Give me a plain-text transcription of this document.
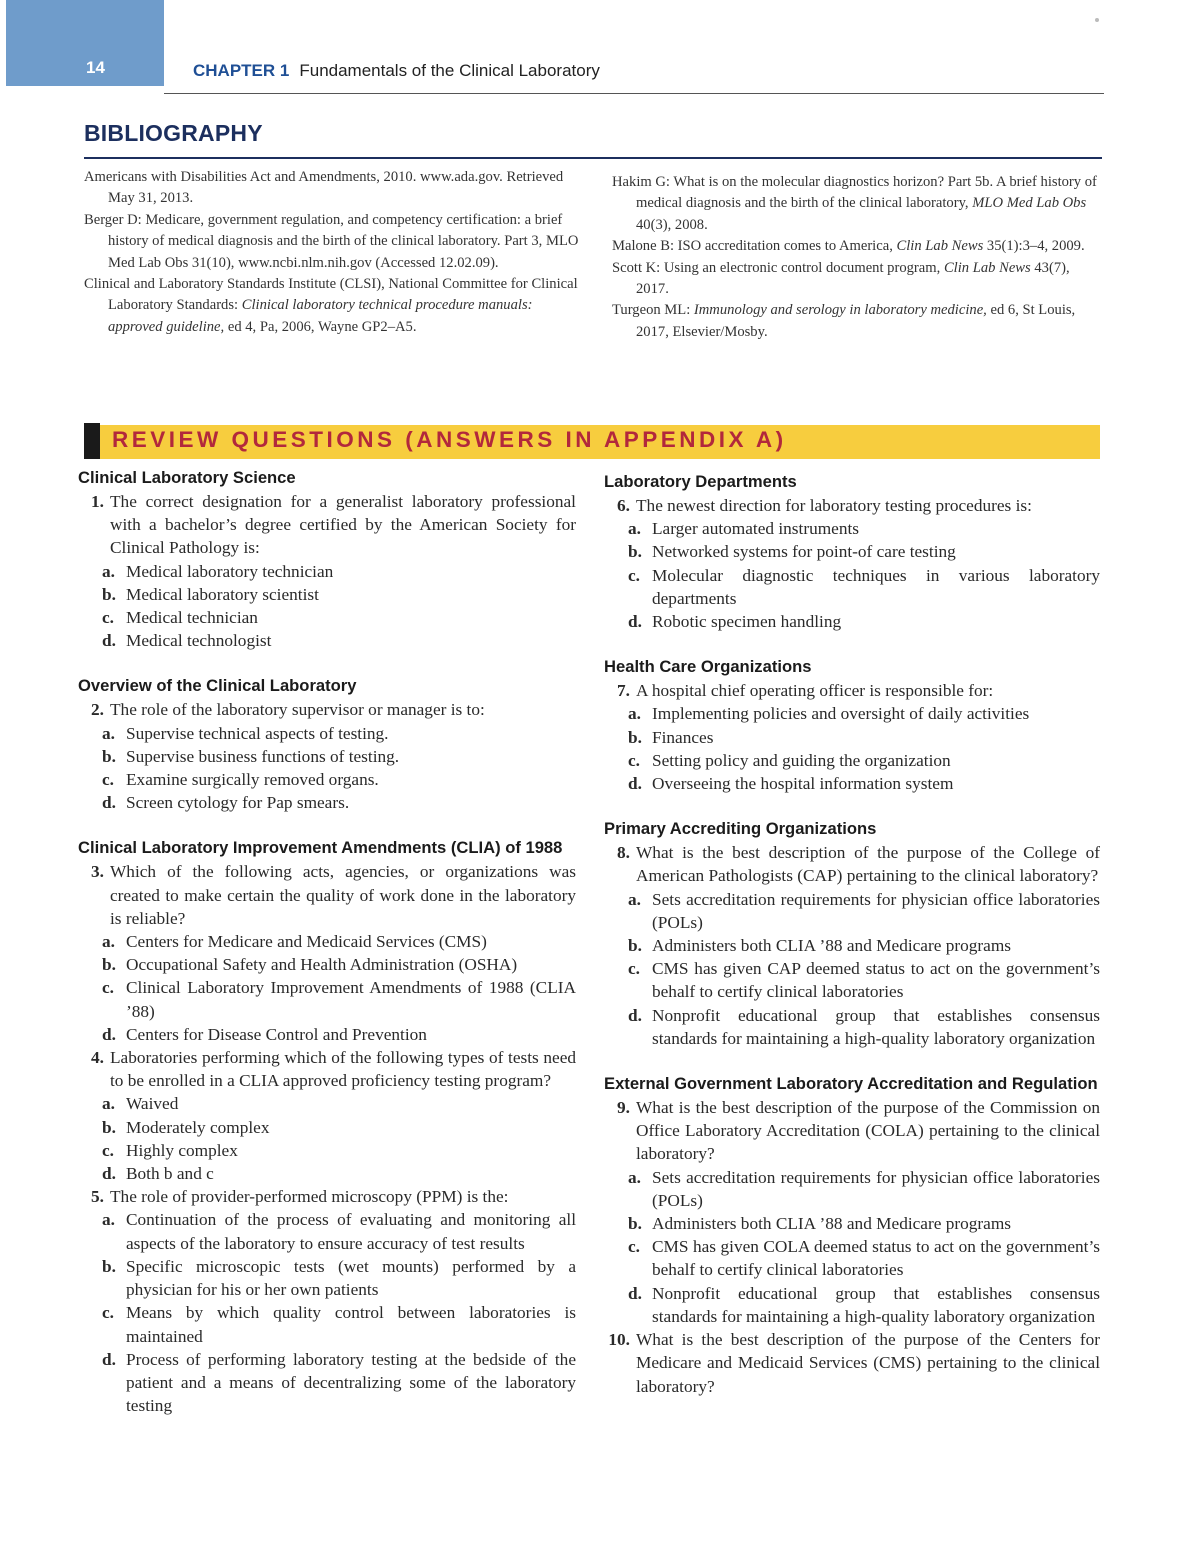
14	CHAPTER 1 Fundamentals of the Clinical Laboratory
BIBLIOGRAPHY

Americans with Disabilities Act and Amendments, 2010. www.ada.gov. Retrieved May 31, 2013.

Berger D: Medicare, government regulation, and competency certification: a brief history of medical diagnosis and the birth of the clinical laboratory. Part 3, MLO Med Lab Obs 31(10), www.ncbi.nlm.nih.gov (Accessed 12.02.09).

Clinical and Laboratory Standards Institute (CLSI), National Committee for Clinical Laboratory Standards: Clinical laboratory technical procedure manuals: approved guideline, ed 4, Pa, 2006, Wayne GP2–A5.

Hakim G: What is on the molecular diagnostics horizon? Part 5b. A brief history of medical diagnosis and the birth of the clinical laboratory, MLO Med Lab Obs 40(3), 2008.

Malone B: ISO accreditation comes to America, Clin Lab News 35(1):3–4, 2009.

Scott K: Using an electronic control document program, Clin Lab News 43(7), 2017.

Turgeon ML: Immunology and serology in laboratory medicine, ed 6, St Louis, 2017, Elsevier/Mosby.

REVIEW QUESTIONS (ANSWERS IN APPENDIX A)

Clinical Laboratory Science

1. The correct designation for a generalist laboratory professional with a bachelor’s degree certified by the American Society for Clinical Pathology is:
a. Medical laboratory technician
b. Medical laboratory scientist
c. Medical technician
d. Medical technologist

Overview of the Clinical Laboratory

2. The role of the laboratory supervisor or manager is to:
a. Supervise technical aspects of testing.
b. Supervise business functions of testing.
c. Examine surgically removed organs.
d. Screen cytology for Pap smears.

Clinical Laboratory Improvement Amendments (CLIA) of 1988

3. Which of the following acts, agencies, or organizations was created to make certain the quality of work done in the laboratory is reliable?
a. Centers for Medicare and Medicaid Services (CMS)
b. Occupational Safety and Health Administration (OSHA)
c. Clinical Laboratory Improvement Amendments of 1988 (CLIA ’88)
d. Centers for Disease Control and Prevention
4. Laboratories performing which of the following types of tests need to be enrolled in a CLIA approved proficiency testing program?
a. Waived
b. Moderately complex
c. Highly complex
d. Both b and c
5. The role of provider-performed microscopy (PPM) is the:
a. Continuation of the process of evaluating and monitoring all aspects of the laboratory to ensure accuracy of test results
b. Specific microscopic tests (wet mounts) performed by a physician for his or her own patients
c. Means by which quality control between laboratories is maintained
d. Process of performing laboratory testing at the bedside of the patient and a means of decentralizing some of the laboratory testing

Laboratory Departments

6. The newest direction for laboratory testing procedures is:
a. Larger automated instruments
b. Networked systems for point-of care testing
c. Molecular diagnostic techniques in various laboratory departments
d. Robotic specimen handling

Health Care Organizations

7. A hospital chief operating officer is responsible for:
a. Implementing policies and oversight of daily activities
b. Finances
c. Setting policy and guiding the organization
d. Overseeing the hospital information system

Primary Accrediting Organizations

8. What is the best description of the purpose of the College of American Pathologists (CAP) pertaining to the clinical laboratory?
a. Sets accreditation requirements for physician office laboratories (POLs)
b. Administers both CLIA ’88 and Medicare programs
c. CMS has given CAP deemed status to act on the government’s behalf to certify clinical laboratories
d. Nonprofit educational group that establishes consensus standards for maintaining a high-quality laboratory organization

External Government Laboratory Accreditation and Regulation

9. What is the best description of the purpose of the Commission on Office Laboratory Accreditation (COLA) pertaining to the clinical laboratory?
a. Sets accreditation requirements for physician office laboratories (POLs)
b. Administers both CLIA ’88 and Medicare programs
c. CMS has given COLA deemed status to act on the government’s behalf to certify clinical laboratories
d. Nonprofit educational group that establishes consensus standards for maintaining a high-quality laboratory organization
10. What is the best description of the purpose of the Centers for Medicare and Medicaid Services (CMS) pertaining to the clinical laboratory?
